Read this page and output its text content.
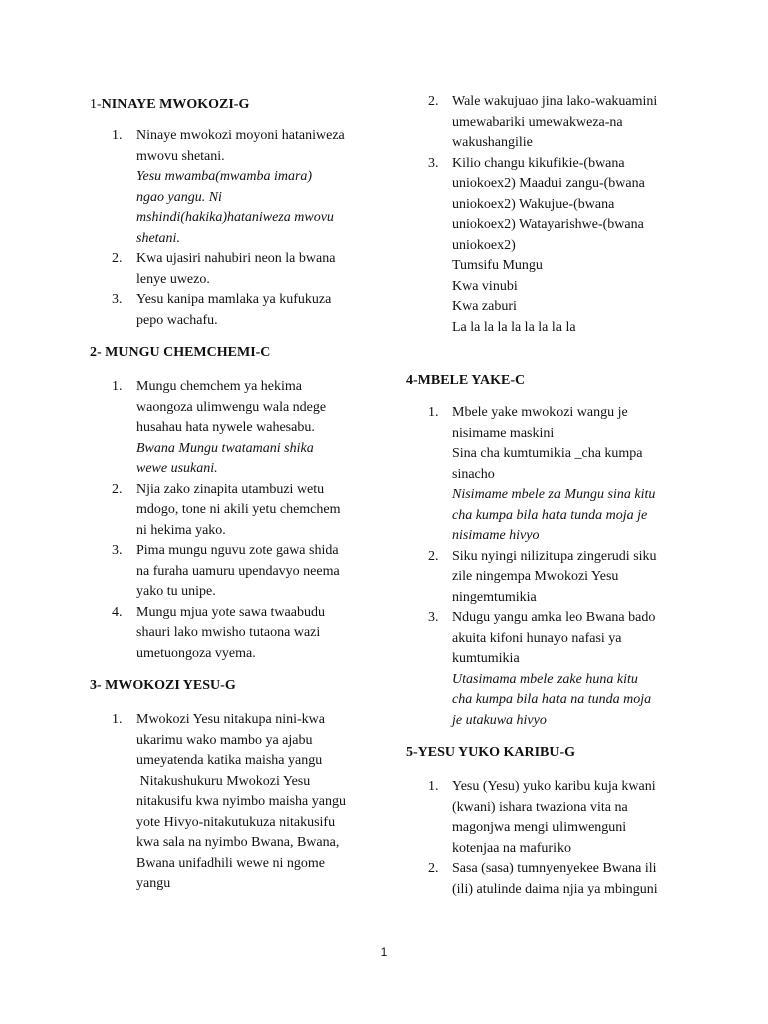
1-NINAYE MWOKOZI-G
1. Ninaye mwokozi moyoni hataniweza
mwovu shetani.
Yesu mwamba(mwamba imara)
ngao yangu. Ni
mshindi(hakika)hataniweza mwovu
shetani.
2. Kwa ujasiri nahubiri neon la bwana
lenye uwezo.
3. Yesu kanipa mamlaka ya kufukuza
pepo wachafu.
2- MUNGU CHEMCHEMI-C
1. Mungu chemchem ya hekima
waongoza ulimwengu wala ndege
husahau hata nywele wahesabu.
Bwana Mungu twatamani shika
wewe usukani.
2. Njia zako zinapita utambuzi wetu
mdogo, tone ni akili yetu chemchem
ni hekima yako.
3. Pima mungu nguvu zote gawa shida
na furaha uamuru upendavyo neema
yako tu unipe.
4. Mungu mjua yote sawa twaabudu
shauri lako mwisho tutaona wazi
umetuongoza vyema.
3- MWOKOZI YESU-G
1. Mwokozi Yesu nitakupa nini-kwa
ukarimu wako mambo ya ajabu
umeyatenda katika maisha yangu
Nitakushukuru Mwokozi Yesu
nitakusifu kwa nyimbo maisha yangu
yote Hivyo-nitakutukuza nitakusifu
kwa sala na nyimbo Bwana, Bwana,
Bwana unifadhili wewe ni ngome
yangu
2. Wale wakujuao jina lako-wakuamini
umewabariki umewakweza-na
wakushangilie
3. Kilio changu kikufikie-(bwana
uniokoex2) Maadui zangu-(bwana
uniokoex2) Wakujue-(bwana
uniokoex2) Watayarishwe-(bwana
uniokoex2)
Tumsifu Mungu
Kwa vinubi
Kwa zaburi
La la la la la la la la la
4-MBELE YAKE-C
1. Mbele yake mwokozi wangu je
nisimame maskini
Sina cha kumtumikia _cha kumpa
sinacho
Nisimame mbele za Mungu sina kitu
cha kumpa bila hata tunda moja je
nisimame hivyo
2. Siku nyingi nilizitupa zingerudi siku
zile ningempa Mwokozi Yesu
ningemtumikia
3. Ndugu yangu amka leo Bwana bado
akuita kifoni hunayo nafasi ya
kumtumikia
Utasimama mbele zake huna kitu
cha kumpa bila hata na tunda moja
je utakuwa hivyo
5-YESU YUKO KARIBU-G
1. Yesu (Yesu) yuko karibu kuja kwani
(kwani) ishara twaziona vita na
magonjwa mengi ulimwenguni
kotenjaa na mafuriko
2. Sasa (sasa) tumnyenyekee Bwana ili
(ili) atulinde daima njia ya mbinguni
1
